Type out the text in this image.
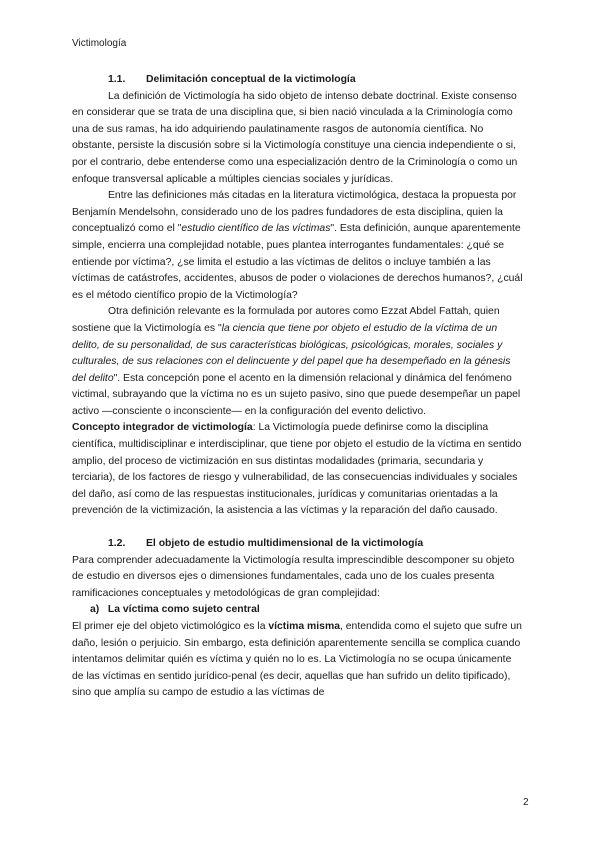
Victimología

1.1. Delimitación conceptual de la victimología

La definición de Victimología ha sido objeto de intenso debate doctrinal. Existe consenso en considerar que se trata de una disciplina que, si bien nació vinculada a la Criminología como una de sus ramas, ha ido adquiriendo paulatinamente rasgos de autonomía científica. No obstante, persiste la discusión sobre si la Victimología constituye una ciencia independiente o si, por el contrario, debe entenderse como una especialización dentro de la Criminología o como un enfoque transversal aplicable a múltiples ciencias sociales y jurídicas.

Entre las definiciones más citadas en la literatura victimológica, destaca la propuesta por Benjamín Mendelsohn, considerado uno de los padres fundadores de esta disciplina, quien la conceptualizó como el "estudio científico de las víctimas". Esta definición, aunque aparentemente simple, encierra una complejidad notable, pues plantea interrogantes fundamentales: ¿qué se entiende por víctima?, ¿se limita el estudio a las víctimas de delitos o incluye también a las víctimas de catástrofes, accidentes, abusos de poder o violaciones de derechos humanos?, ¿cuál es el método científico propio de la Victimología?

Otra definición relevante es la formulada por autores como Ezzat Abdel Fattah, quien sostiene que la Victimología es "la ciencia que tiene por objeto el estudio de la víctima de un delito, de su personalidad, de sus características biológicas, psicológicas, morales, sociales y culturales, de sus relaciones con el delincuente y del papel que ha desempeñado en la génesis del delito". Esta concepción pone el acento en la dimensión relacional y dinámica del fenómeno victimal, subrayando que la víctima no es un sujeto pasivo, sino que puede desempeñar un papel activo —consciente o inconsciente— en la configuración del evento delictivo.

Concepto integrador de victimología: La Victimología puede definirse como la disciplina científica, multidisciplinar e interdisciplinar, que tiene por objeto el estudio de la víctima en sentido amplio, del proceso de victimización en sus distintas modalidades (primaria, secundaria y terciaria), de los factores de riesgo y vulnerabilidad, de las consecuencias individuales y sociales del daño, así como de las respuestas institucionales, jurídicas y comunitarias orientadas a la prevención de la victimización, la asistencia a las víctimas y la reparación del daño causado.

1.2. El objeto de estudio multidimensional de la victimología

Para comprender adecuadamente la Victimología resulta imprescindible descomponer su objeto de estudio en diversos ejes o dimensiones fundamentales, cada uno de los cuales presenta ramificaciones conceptuales y metodológicas de gran complejidad:

a) La víctima como sujeto central

El primer eje del objeto victimológico es la víctima misma, entendida como el sujeto que sufre un daño, lesión o perjuicio. Sin embargo, esta definición aparentemente sencilla se complica cuando intentamos delimitar quién es víctima y quién no lo es. La Victimología no se ocupa únicamente de las víctimas en sentido jurídico-penal (es decir, aquellas que han sufrido un delito tipificado), sino que amplía su campo de estudio a las víctimas de

2
